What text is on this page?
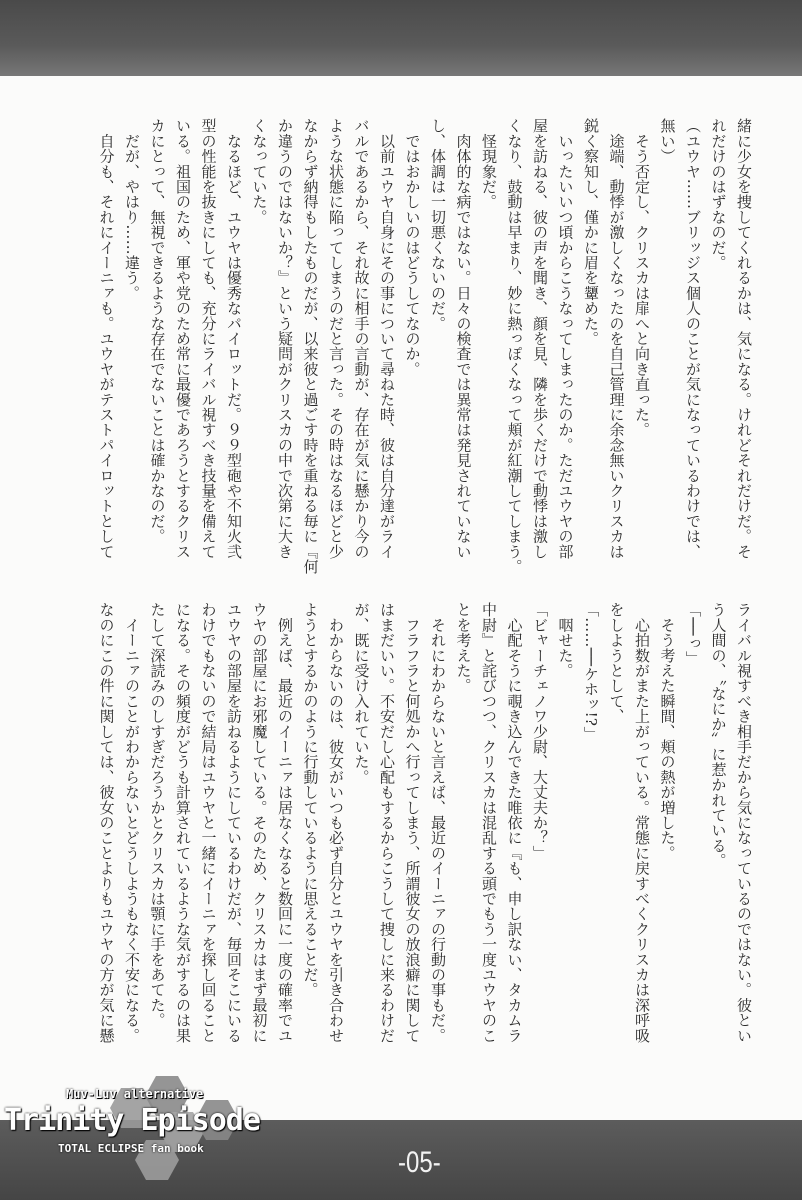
緒に少女を捜してくれるかは、気になる。けれどそれだけだ。そ
れだけのはずなのだ。
（ユウヤ……ブリッジス個人のことが気になっているわけでは、
無い）
　そう否定し、クリスカは扉へと向き直った。
　途端、動悸が激しくなったのを自己管理に余念無いクリスカは
鋭く察知し、僅かに眉を顰めた。
　いったいいつ頃からこうなってしまったのか。ただユウヤの部
屋を訪ねる、彼の声を聞き、顔を見、隣を歩くだけで動悸は激し
くなり、鼓動は早まり、妙に熱っぽくなって頬が紅潮してしまう。
　怪現象だ。
　肉体的な病ではない。日々の検査では異常は発見されていない
し、体調は一切悪くないのだ。
　ではおかしいのはどうしてなのか。
　以前ユウヤ自身にその事について尋ねた時、彼は自分達がライ
バルであるから、それ故に相手の言動が、存在が気に懸かり今の
ような状態に陥ってしまうのだと言った。その時はなるほどと少
なからず納得もしたものだが、以来彼と過ごす時を重ねる毎に『何
か違うのではないか？』という疑問がクリスカの中で次第に大き
くなっていた。
　なるほど、ユウヤは優秀なパイロットだ。９９型砲や不知火弐
型の性能を抜きにしても、充分にライバル視すべき技量を備えて
いる。祖国のため、軍や党のため常に最優であろうとするクリス
カにとって、無視できるような存在でないことは確かなのだ。
　だが、やはり……違う。
　自分も、それにイーニァも。ユウヤがテストパイロットとして
ライバル視すべき相手だから気になっているのではない。彼とい
う人間の、〝なにか〟に惹かれている。
「──っ」
　そう考えた瞬間、頬の熱が増した。
　心拍数がまた上がっている。常態に戻すべくクリスカは深呼吸
をしようとして、
「……──ケホッ!?」
　咽せた。
「ビャーチェノワ少尉、大丈夫か？」
　心配そうに覗き込んできた唯依に『も、申し訳ない、タカムラ
中尉』と詫びつつ、クリスカは混乱する頭でもう一度ユウヤのこ
とを考えた。
　それにわからないと言えば、最近のイーニァの行動の事もだ。
　フラフラと何処かへ行ってしまう、所謂彼女の放浪癖に関して
はまだいい。不安だし心配もするからこうして捜しに来るわけだ
が、既に受け入れていた。
　わからないのは、彼女がいつも必ず自分とユウヤを引き合わせ
ようとするかのように行動しているように思えることだ。
　例えば、最近のイーニァは居なくなると数回に一度の確率でユ
ウヤの部屋にお邪魔している。そのため、クリスカはまず最初に
ユウヤの部屋を訪ねるようにしているわけだが、毎回そこにいる
わけでもないので結局はユウヤと一緒にイーニァを探し回ること
になる。その頻度がどうも計算されているような気がするのは果
たして深読みのしすぎだろうかとクリスカは顎に手をあてた。
　イーニァのことがわからないとどうしようもなく不安になる。
なのにこの件に関しては、彼女のことよりもユウヤの方が気に懸
Muv-Luv alternative
Trinity Episode
TOTAL ECLIPSE fan book	-05-
